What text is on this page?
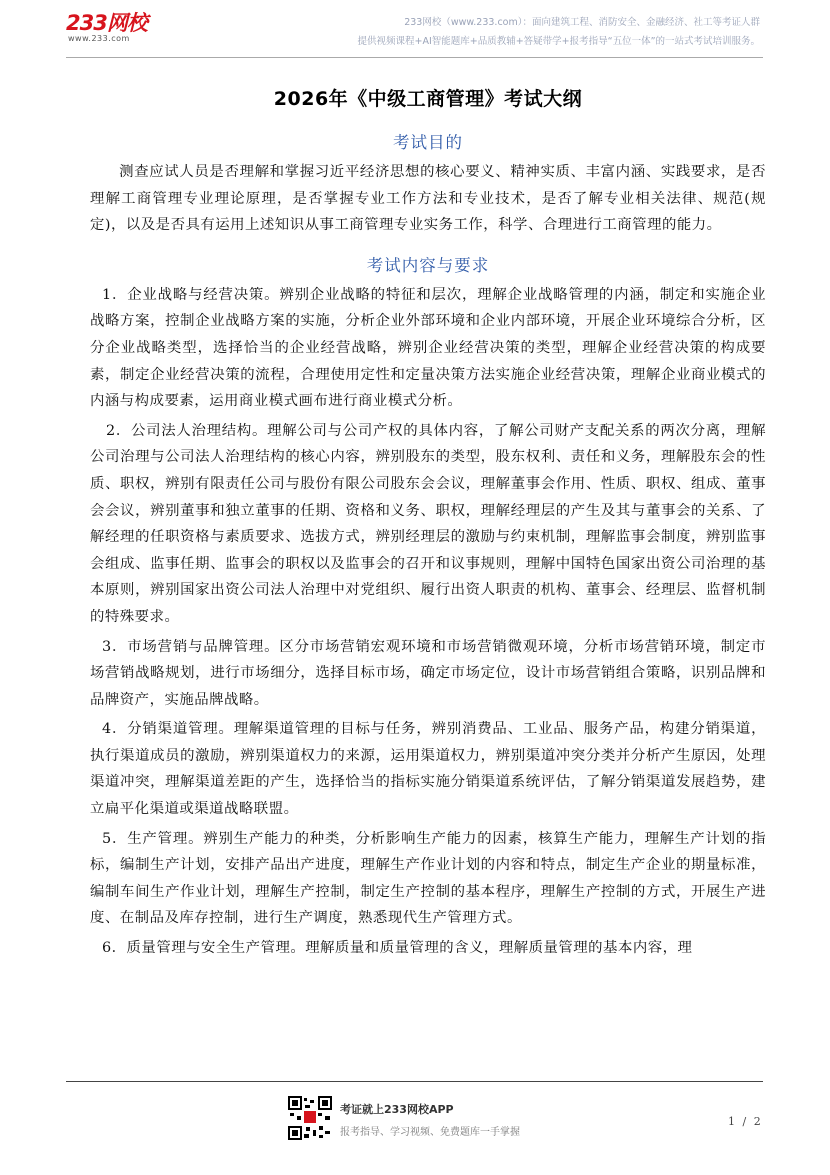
233网校
www.233.com
233网校（www.233.com）：面向建筑工程、消防安全、金融经济、社工等考证人群
提供视频课程+AI智能题库+品质教辅+答疑带学+报考指导“五位一体”的一站式考试培训服务。
2026年《中级工商管理》考试大纲
考试目的

测查应试人员是否理解和掌握习近平经济思想的核心要义、精神实质、丰富内涵、实践要求，是否理解工商管理专业理论原理，是否掌握专业工作方法和专业技术，是否了解专业相关法律、规范(规定)，以及是否具有运用上述知识从事工商管理专业实务工作，科学、合理进行工商管理的能力。

考试内容与要求

1．企业战略与经营决策。辨别企业战略的特征和层次，理解企业战略管理的内涵，制定和实施企业战略方案，控制企业战略方案的实施，分析企业外部环境和企业内部环境，开展企业环境综合分析，区分企业战略类型，选择恰当的企业经营战略，辨别企业经营决策的类型，理解企业经营决策的构成要素，制定企业经营决策的流程，合理使用定性和定量决策方法实施企业经营决策，理解企业商业模式的内涵与构成要素，运用商业模式画布进行商业模式分析。

2．公司法人治理结构。理解公司与公司产权的具体内容，了解公司财产支配关系的两次分离，理解公司治理与公司法人治理结构的核心内容，辨别股东的类型，股东权利、责任和义务，理解股东会的性质、职权，辨别有限责任公司与股份有限公司股东会会议，理解董事会作用、性质、职权、组成、董事会会议，辨别董事和独立董事的任期、资格和义务、职权，理解经理层的产生及其与董事会的关系、了解经理的任职资格与素质要求、选拔方式，辨别经理层的激励与约束机制，理解监事会制度，辨别监事会组成、监事任期、监事会的职权以及监事会的召开和议事规则，理解中国特色国家出资公司治理的基本原则，辨别国家出资公司法人治理中对党组织、履行出资人职责的机构、董事会、经理层、监督机制的特殊要求。

3．市场营销与品牌管理。区分市场营销宏观环境和市场营销微观环境，分析市场营销环境，制定市场营销战略规划，进行市场细分，选择目标市场，确定市场定位，设计市场营销组合策略，识别品牌和品牌资产，实施品牌战略。

4．分销渠道管理。理解渠道管理的目标与任务，辨别消费品、工业品、服务产品，构建分销渠道，执行渠道成员的激励，辨别渠道权力的来源，运用渠道权力，辨别渠道冲突分类并分析产生原因，处理渠道冲突，理解渠道差距的产生，选择恰当的指标实施分销渠道系统评估，了解分销渠道发展趋势，建立扁平化渠道或渠道战略联盟。

5．生产管理。辨别生产能力的种类，分析影响生产能力的因素，核算生产能力，理解生产计划的指标，编制生产计划，安排产品出产进度，理解生产作业计划的内容和特点，制定生产企业的期量标准，编制车间生产作业计划，理解生产控制，制定生产控制的基本程序，理解生产控制的方式，开展生产进度、在制品及库存控制，进行生产调度，熟悉现代生产管理方式。

6．质量管理与安全生产管理。理解质量和质量管理的含义，理解质量管理的基本内容，理

考证就上233网校APP
报考指导、学习视频、免费题库一手掌握
1 / 2
